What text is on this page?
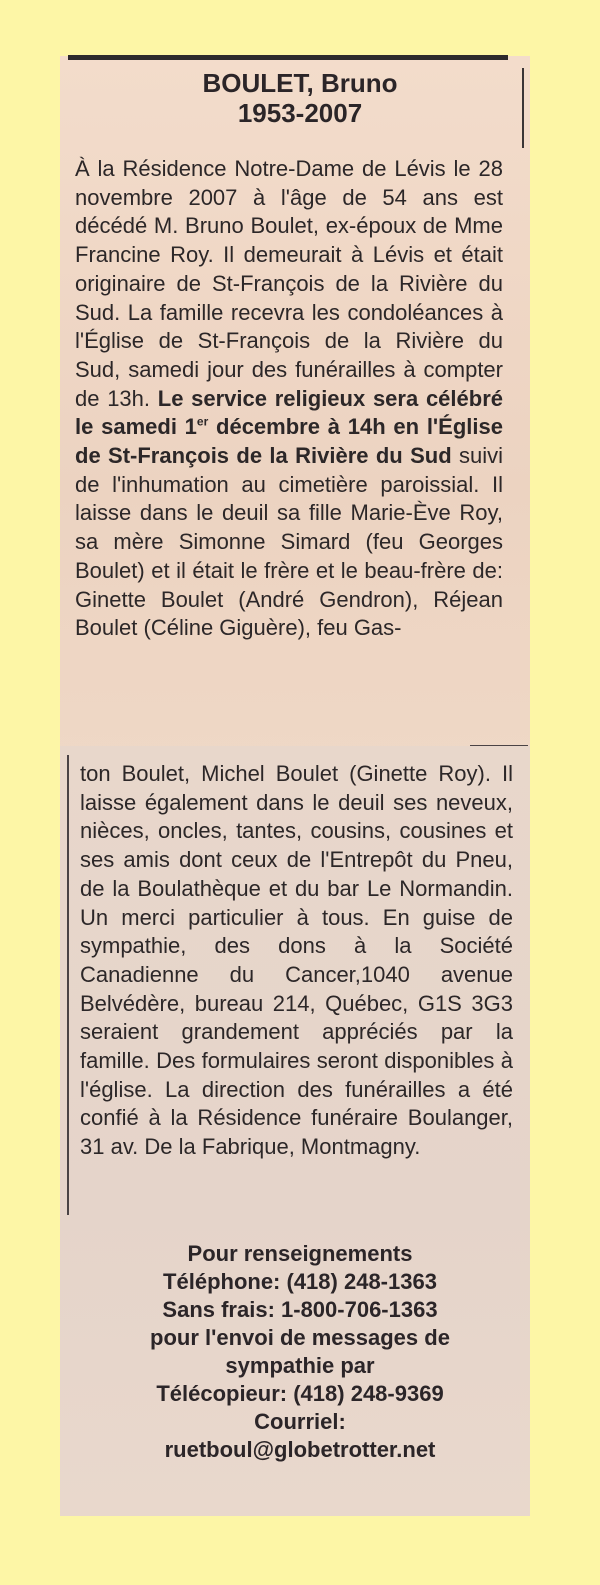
BOULET, Bruno
1953-2007
À la Résidence Notre-Dame de Lévis le 28 novembre 2007 à l'âge de 54 ans est décédé M. Bruno Boulet, ex-époux de Mme Francine Roy. Il demeurait à Lévis et était originaire de St-François de la Rivière du Sud. La famille recevra les condoléances à l'Église de St-François de la Rivière du Sud, samedi jour des funérailles à compter de 13h. Le service religieux sera célébré le samedi 1er décembre à 14h en l'Église de St-François de la Rivière du Sud suivi de l'inhumation au cimetière paroissial. Il laisse dans le deuil sa fille Marie-Ève Roy, sa mère Simonne Simard (feu Georges Boulet) et il était le frère et le beau-frère de: Ginette Boulet (André Gendron), Réjean Boulet (Céline Giguère), feu Gas-
ton Boulet, Michel Boulet (Ginette Roy). Il laisse également dans le deuil ses neveux, nièces, oncles, tantes, cousins, cousines et ses amis dont ceux de l'Entrepôt du Pneu, de la Boulathèque et du bar Le Normandin. Un merci particulier à tous. En guise de sympathie, des dons à la Société Canadienne du Cancer,1040 avenue Belvédère, bureau 214, Québec, G1S 3G3 seraient grandement appréciés par la famille. Des formulaires seront disponibles à l'église. La direction des funérailles a été confié à la Résidence funéraire Boulanger, 31 av. De la Fabrique, Montmagny.
Pour renseignements
Téléphone: (418) 248-1363
Sans frais: 1-800-706-1363
pour l'envoi de messages de
sympathie par
Télécopieur: (418) 248-9369
Courriel:
ruetboul@globetrotter.net
